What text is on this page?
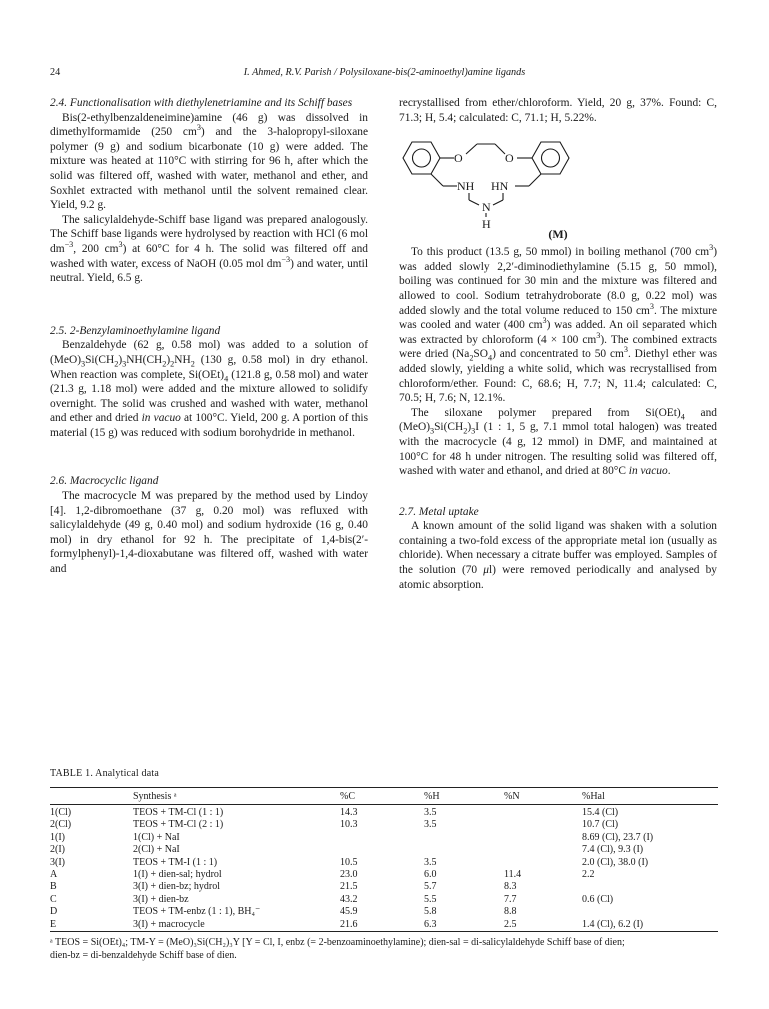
24	I. Ahmed, R.V. Parish / Polysiloxane-bis(2-aminoethyl)amine ligands

2.4. Functionalisation with diethylenetriamine and its Schiff bases

Bis(2-ethylbenzaldeneimine)amine (46 g) was dissolved in dimethylformamide (250 $cm^3$) and the 3-halopropyl-siloxane polymer (9 g) and sodium bicarbonate (10 g) were added. The mixture was heated at 110°C with stirring for 96 h, after which the solid was filtered off, washed with water, methanol and ether, and Soxhlet extracted with methanol until the solvent remained clear. Yield, 9.2 g.

The salicylaldehyde-Schiff base ligand was prepared analogously. The Schiff base ligands were hydrolysed by reaction with HCl (6 mol $dm^{-3}$, 200 $cm^3$) at 60°C for 4 h. The solid was filtered off and washed with water, excess of NaOH (0.05 mol $dm^{-3}$) and water, until neutral. Yield, 6.5 g.

2.5. 2-Benzylaminoethylamine ligand

Benzaldehyde (62 g, 0.58 mol) was added to a solution of $(MeO)_3Si(CH_2)_3NH(CH_2)_2NH_2$ (130 g, 0.58 mol) in dry ethanol. When reaction was complete, $Si(OEt)_4$ (121.8 g, 0.58 mol) and water (21.3 g, 1.18 mol) were added and the mixture allowed to solidify overnight. The solid was crushed and washed with water, methanol and ether and dried in vacuo at 100°C. Yield, 200 g. A portion of this material (15 g) was reduced with sodium borohydride in methanol.

2.6. Macrocyclic ligand

The macrocycle M was prepared by the method used by Lindoy [4]. 1,2-dibromoethane (37 g, 0.20 mol) was refluxed with salicylaldehyde (49 g, 0.40 mol) and sodium hydroxide (16 g, 0.40 mol) in dry ethanol for 92 h. The precipitate of 1,4-bis(2′-formylphenyl)-1,4-dioxabutane was filtered off, washed with water and

recrystallised from ether/chloroform. Yield, 20 g, 37%. Found: C, 71.3; H, 5.4; calculated: C, 71.1; H, 5.22%.

O	O
NH HN
N
H
(M)

To this product (13.5 g, 50 mmol) in boiling methanol (700 $cm^3$) was added slowly 2,2′-diminodiethylamine (5.15 g, 50 mmol), boiling was continued for 30 min and the mixture was filtered and allowed to cool. Sodium tetrahydroborate (8.0 g, 0.22 mol) was added slowly and the total volume reduced to 150 $cm^3$. The mixture was cooled and water (400 $cm^3$) was added. An oil separated which was extracted by chloroform (4 × 100 $cm^3$). The combined extracts were dried $(Na_2SO_4)$ and concentrated to 50 $cm^3$. Diethyl ether was added slowly, yielding a white solid, which was recrystallised from chloroform/ether. Found: C, 68.6; H, 7.7; N, 11.4; calculated: C, 70.5; H, 7.6; N, 12.1%.

The siloxane polymer prepared from $Si(OEt)_4$ and $(MeO)_3Si(CH_2)_3I$ (1 : 1, 5 g, 7.1 mmol total halogen) was treated with the macrocycle (4 g, 12 mmol) in DMF, and maintained at 100°C for 48 h under nitrogen. The resulting solid was filtered off, washed with water and ethanol, and dried at 80°C in vacuo.

2.7. Metal uptake

A known amount of the solid ligand was shaken with a solution containing a two-fold excess of the appropriate metal ion (usually as chloride). When necessary a citrate buffer was employed. Samples of the solution (70 μl) were removed periodically and analysed by atomic absorption.

TABLE 1. Analytical data
	Synthesis ᵃ	%C	%H	%N	%Hal
1(Cl)	TEOS + TM-Cl (1 : 1)	14.3	3.5		15.4 (Cl)
2(Cl)	TEOS + TM-Cl (2 : 1)	10.3	3.5		10.7 (Cl)
1(I)	1(Cl) + NaI				8.69 (Cl), 23.7 (I)
2(I)	2(Cl) + NaI				7.4 (Cl), 9.3 (I)
3(I)	TEOS + TM-I (1 : 1)	10.5	3.5		2.0 (Cl), 38.0 (I)
A	1(I) + dien-sal; hydrol	23.0	6.0	11.4	2.2
B	3(I) + dien-bz; hydrol	21.5	5.7	8.3	
C	3(I) + dien-bz	43.2	5.5	7.7	0.6 (Cl)
D	TEOS + TM-enbz (1 : 1), BH₄⁻	45.9	5.8	8.8	
E	3(I) + macrocycle	21.6	6.3	2.5	1.4 (Cl), 6.2 (I)
ᵃ TEOS = Si(OEt)₄; TM-Y = (MeO)₃Si(CH₂)₃Y [Y = Cl, I, enbz (= 2-benzoaminoethylamine); dien-sal = di-salicylaldehyde Schiff base of dien;
dien-bz = di-benzaldehyde Schiff base of dien.
